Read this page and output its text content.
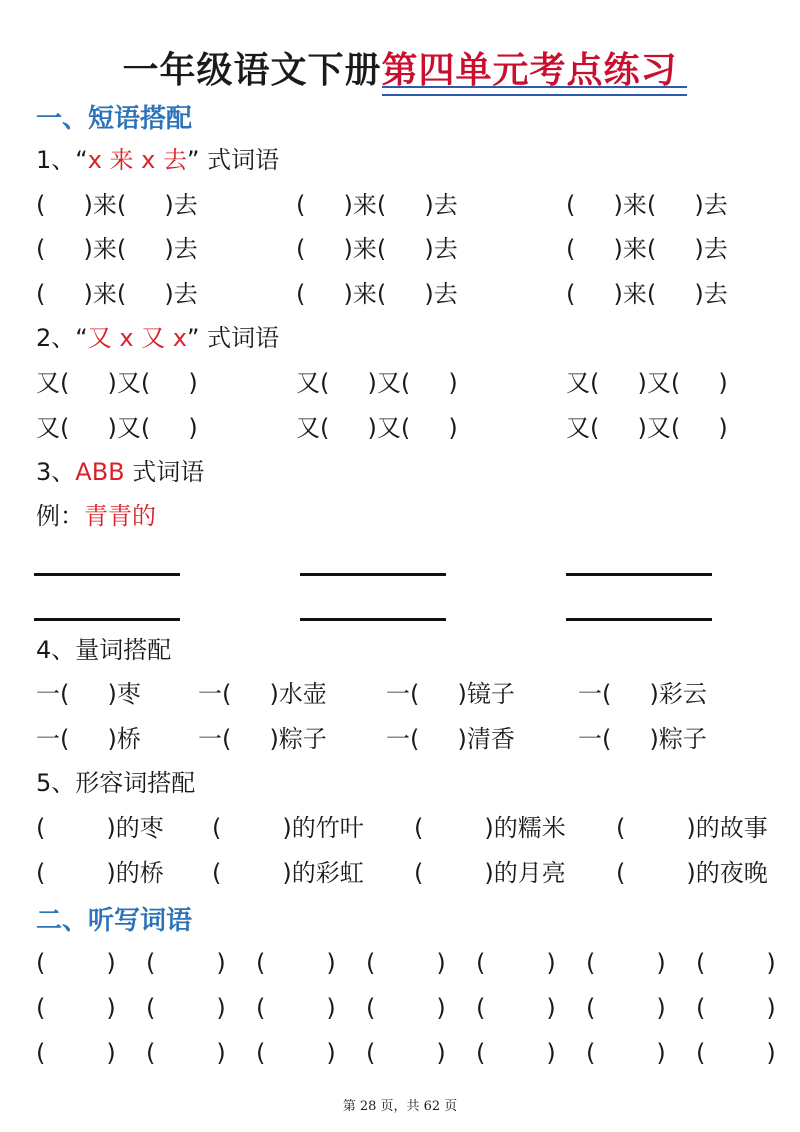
一年级语文下册第四单元考点练习
一、短语搭配
1、“x 来 x 去” 式词语
(     )来(     )去	(     )来(     )去	(     )来(     )去
(     )来(     )去	(     )来(     )去	(     )来(     )去
(     )来(     )去	(     )来(     )去	(     )来(     )去
2、“又 x 又 x” 式词语
又(     )又(     )	又(     )又(     )	又(     )又(     )
又(     )又(     )	又(     )又(     )	又(     )又(     )
3、ABB 式词语
例：青青的
4、量词搭配
一(     )枣 一(     )水壶 一(     )镜子	一(     )彩云
一(     )桥 一(     )粽子 一(     )清香	一(     )粽子
5、形容词搭配
(        )的枣 (        )的竹叶 (        )的糯米 (        )的故事
(        )的桥 (        )的彩虹 (        )的月亮 (        )的夜晚
二、听写词语
(        ) (        ) (        ) (        ) (        ) (        ) (        )
(        ) (        ) (        ) (        ) (        ) (        ) (        )
(        ) (        ) (        ) (        ) (        ) (        ) (        )
第 28 页，共 62 页
